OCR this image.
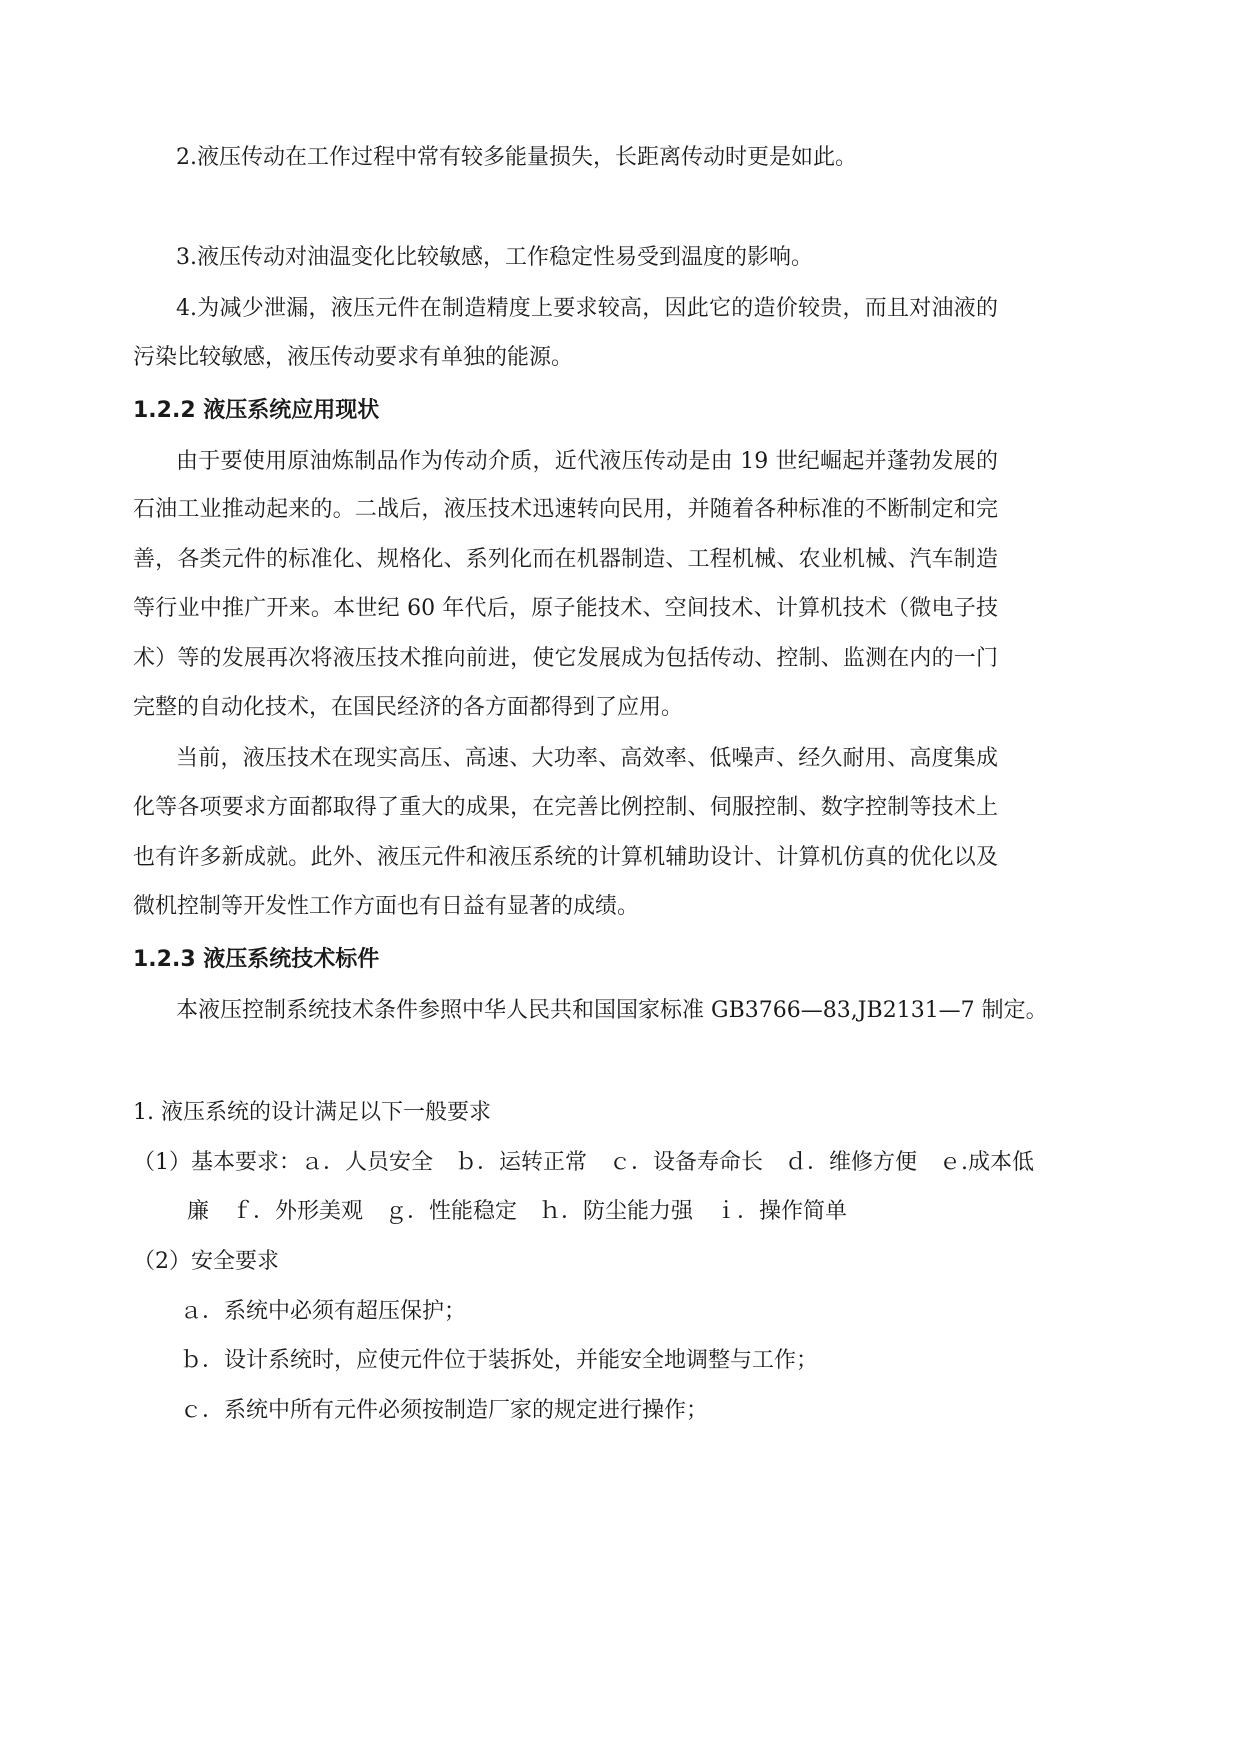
2.液压传动在工作过程中常有较多能量损失，长距离传动时更是如此。

3.液压传动对油温变化比较敏感，工作稳定性易受到温度的影响。

4.为减少泄漏，液压元件在制造精度上要求较高，因此它的造价较贵，而且对油液的

污染比较敏感，液压传动要求有单独的能源。

1.2.2 液压系统应用现状

由于要使用原油炼制品作为传动介质，近代液压传动是由 19 世纪崛起并蓬勃发展的

石油工业推动起来的。二战后，液压技术迅速转向民用，并随着各种标准的不断制定和完

善，各类元件的标准化、规格化、系列化而在机器制造、工程机械、农业机械、汽车制造

等行业中推广开来。本世纪 60 年代后，原子能技术、空间技术、计算机技术（微电子技

术）等的发展再次将液压技术推向前进，使它发展成为包括传动、控制、监测在内的一门

完整的自动化技术，在国民经济的各方面都得到了应用。

当前，液压技术在现实高压、高速、大功率、高效率、低噪声、经久耐用、高度集成

化等各项要求方面都取得了重大的成果，在完善比例控制、伺服控制、数字控制等技术上

也有许多新成就。此外、液压元件和液压系统的计算机辅助设计、计算机仿真的优化以及

微机控制等开发性工作方面也有日益有显著的成绩。

1.2.3 液压系统技术标件

本液压控制系统技术条件参照中华人民共和国国家标准 GB3766—83,JB2131—7 制定。

1. 液压系统的设计满足以下一般要求

（1）基本要求：ａ．人员安全　ｂ．运转正常　ｃ．设备寿命长　ｄ．维修方便　ｅ.成本低

廉　ｆ．外形美观　ｇ．性能稳定　ｈ．防尘能力强　ｉ．操作简单

（2）安全要求

ａ．系统中必须有超压保护；

ｂ．设计系统时，应使元件位于装拆处，并能安全地调整与工作；

ｃ．系统中所有元件必须按制造厂家的规定进行操作；
